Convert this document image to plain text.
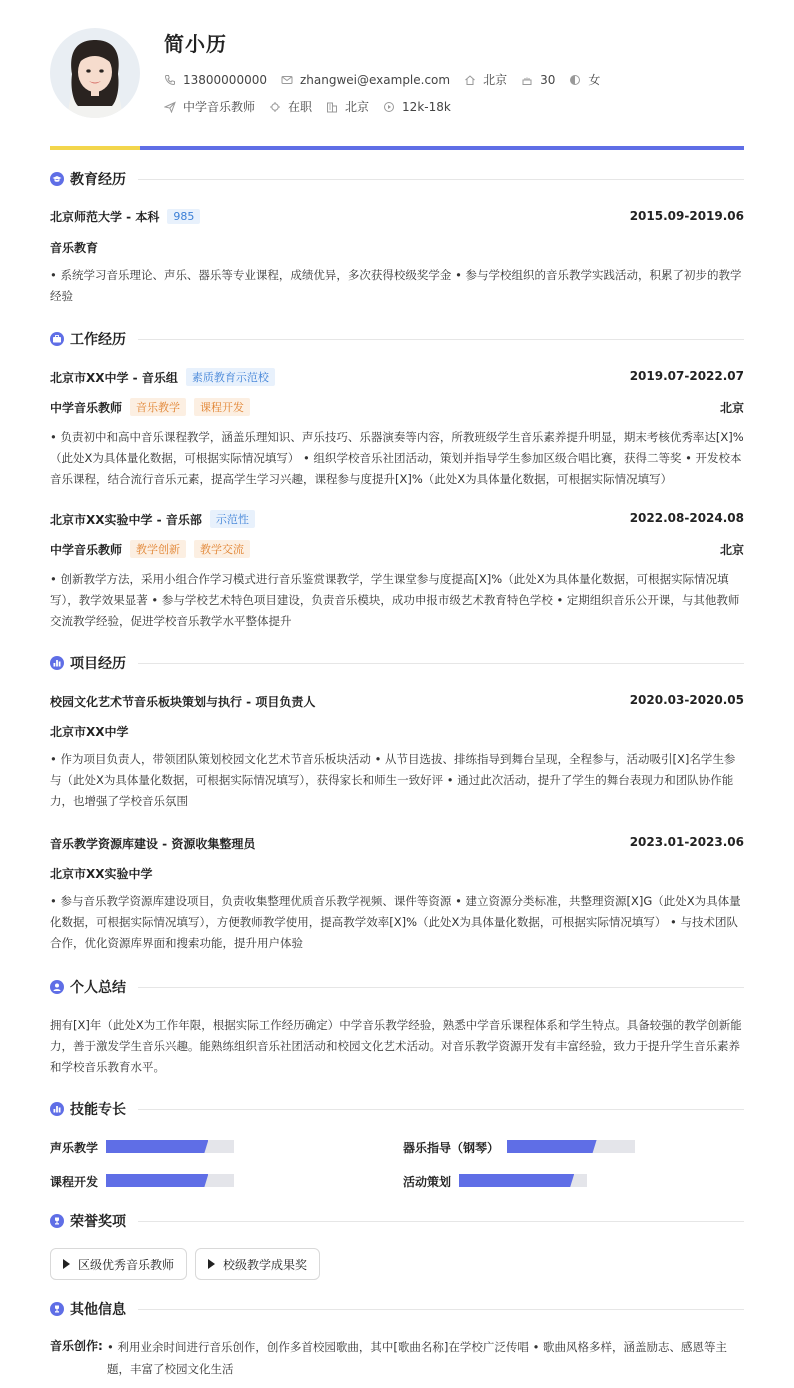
简小历
13800000000	zhangwei@example.com	北京	30	女
中学音乐教师	在职	北京	12k-18k
教育经历
北京师范大学 - 本科	985	2015.09-2019.06
音乐教育
• 系统学习音乐理论、声乐、器乐等专业课程，成绩优异，多次获得校级奖学金 • 参与学校组织的音乐教学实践活动，积累了初步的教学经验
工作经历
北京市XX中学 - 音乐组	素质教育示范校	2019.07-2022.07
中学音乐教师	音乐教学	课程开发	北京
• 负责初中和高中音乐课程教学，涵盖乐理知识、声乐技巧、乐器演奏等内容，所教班级学生音乐素养提升明显，期末考核优秀率达[X]%（此处X为具体量化数据，可根据实际情况填写） • 组织学校音乐社团活动，策划并指导学生参加区级合唱比赛，获得二等奖 • 开发校本音乐课程，结合流行音乐元素，提高学生学习兴趣，课程参与度提升[X]%（此处X为具体量化数据，可根据实际情况填写）
北京市XX实验中学 - 音乐部	示范性	2022.08-2024.08
中学音乐教师	教学创新	教学交流	北京
• 创新教学方法，采用小组合作学习模式进行音乐鉴赏课教学，学生课堂参与度提高[X]%（此处X为具体量化数据，可根据实际情况填写），教学效果显著 • 参与学校艺术特色项目建设，负责音乐模块，成功申报市级艺术教育特色学校 • 定期组织音乐公开课，与其他教师交流教学经验，促进学校音乐教学水平整体提升
项目经历
校园文化艺术节音乐板块策划与执行 - 项目负责人	2020.03-2020.05
北京市XX中学
• 作为项目负责人，带领团队策划校园文化艺术节音乐板块活动 • 从节目选拔、排练指导到舞台呈现，全程参与，活动吸引[X]名学生参与（此处X为具体量化数据，可根据实际情况填写），获得家长和师生一致好评 • 通过此次活动，提升了学生的舞台表现力和团队协作能力，也增强了学校音乐氛围
音乐教学资源库建设 - 资源收集整理员	2023.01-2023.06
北京市XX实验中学
• 参与音乐教学资源库建设项目，负责收集整理优质音乐教学视频、课件等资源 • 建立资源分类标准，共整理资源[X]G（此处X为具体量化数据，可根据实际情况填写），方便教师教学使用，提高教学效率[X]%（此处X为具体量化数据，可根据实际情况填写） • 与技术团队合作，优化资源库界面和搜索功能，提升用户体验
个人总结
拥有[X]年（此处X为工作年限，根据实际工作经历确定）中学音乐教学经验，熟悉中学音乐课程体系和学生特点。具备较强的教学创新能力，善于激发学生音乐兴趣。能熟练组织音乐社团活动和校园文化艺术活动。对音乐教学资源开发有丰富经验，致力于提升学生音乐素养和学校音乐教育水平。
技能专长
声乐教学	器乐指导（钢琴）
课程开发	活动策划
荣誉奖项
区级优秀音乐教师	校级教学成果奖
其他信息
音乐创作: • 利用业余时间进行音乐创作，创作多首校园歌曲，其中[歌曲名称]在学校广泛传唱 • 歌曲风格多样，涵盖励志、感恩等主题，丰富了校园文化生活
